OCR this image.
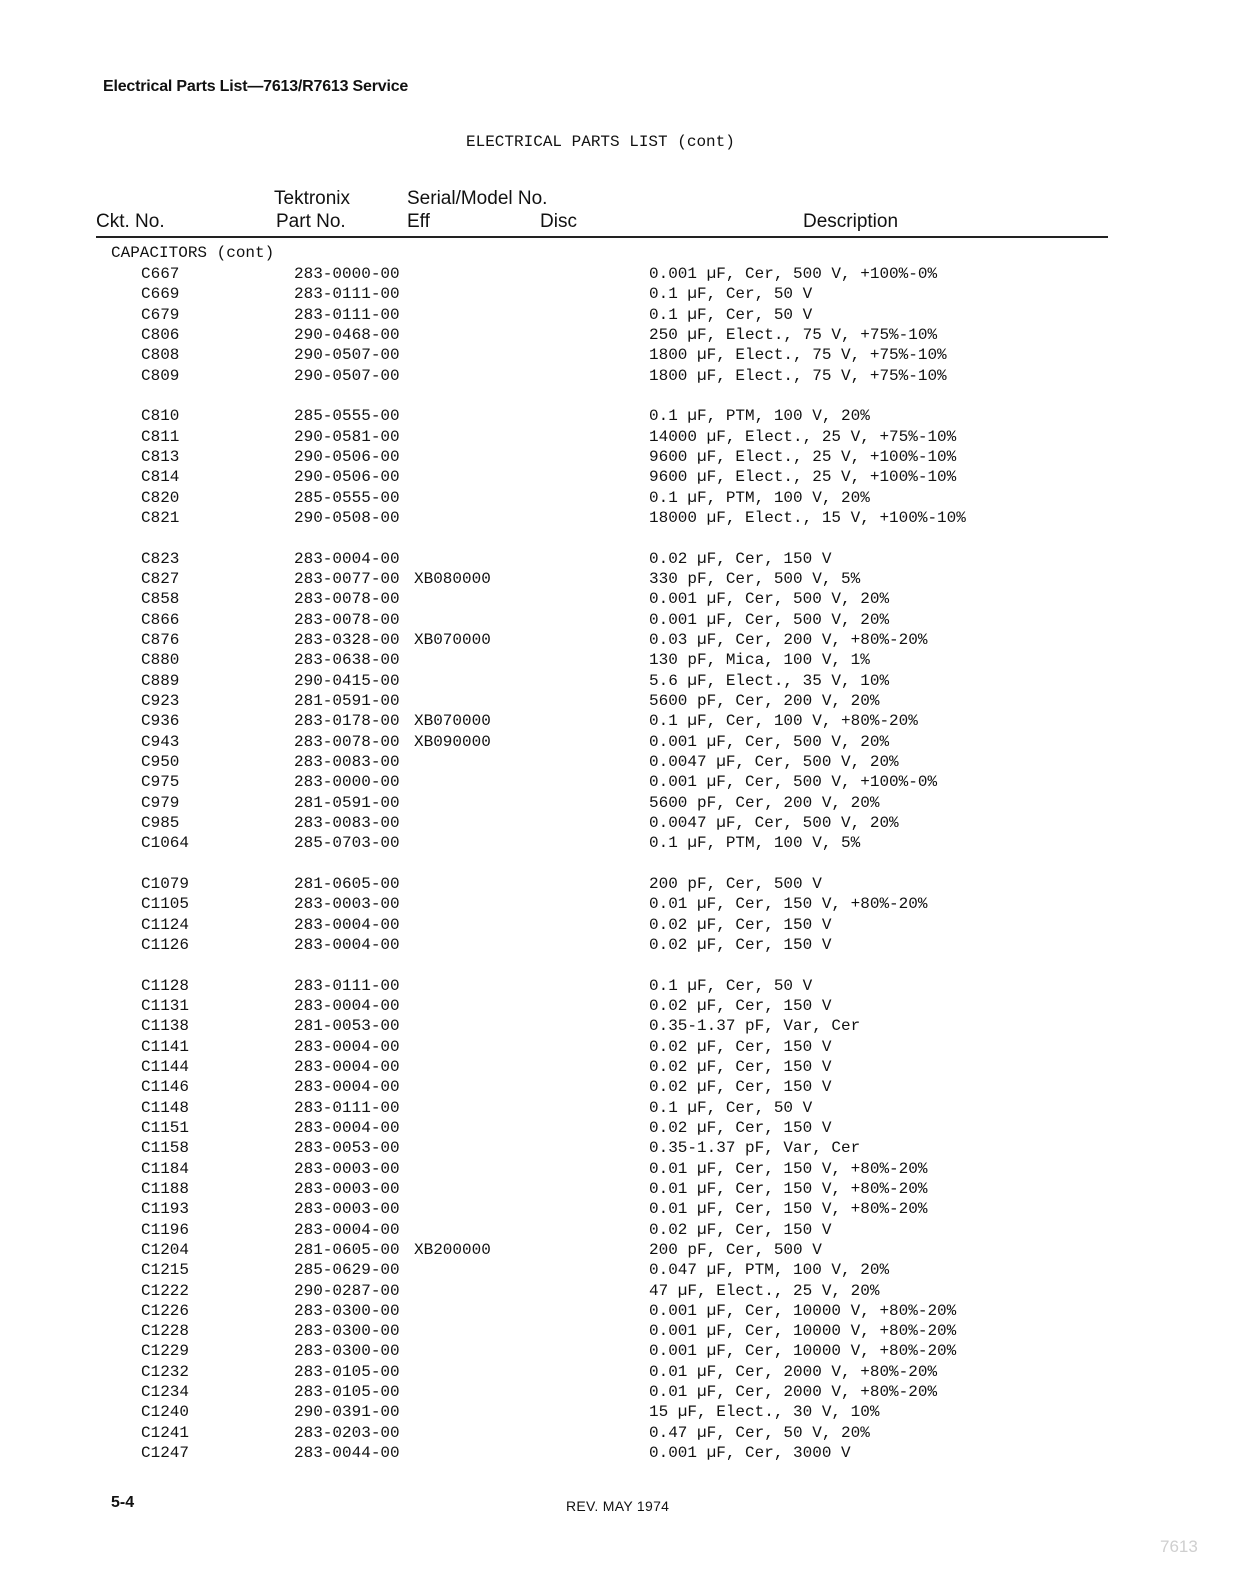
Electrical Parts List—7613/R7613 Service
ELECTRICAL PARTS LIST (cont)
Ckt. No.
Tektronix
Part No.
Serial/Model No.
Eff	Disc	Description
CAPACITORS (cont)
C667	283-0000-00	0.001 µF, Cer, 500 V, +100%-0%
C669	283-0111-00	0.1 µF, Cer, 50 V
C679	283-0111-00	0.1 µF, Cer, 50 V
C806	290-0468-00	250 µF, Elect., 75 V, +75%-10%
C808	290-0507-00	1800 µF, Elect., 75 V, +75%-10%
C809	290-0507-00	1800 µF, Elect., 75 V, +75%-10%
C810	285-0555-00	0.1 µF, PTM, 100 V, 20%
C811	290-0581-00	14000 µF, Elect., 25 V, +75%-10%
C813	290-0506-00	9600 µF, Elect., 25 V, +100%-10%
C814	290-0506-00	9600 µF, Elect., 25 V, +100%-10%
C820	285-0555-00	0.1 µF, PTM, 100 V, 20%
C821	290-0508-00	18000 µF, Elect., 15 V, +100%-10%
C823	283-0004-00	0.02 µF, Cer, 150 V
C827	283-0077-00 XB080000	330 pF, Cer, 500 V, 5%
C858	283-0078-00	0.001 µF, Cer, 500 V, 20%
C866	283-0078-00	0.001 µF, Cer, 500 V, 20%
C876	283-0328-00 XB070000	0.03 µF, Cer, 200 V, +80%-20%
C880	283-0638-00	130 pF, Mica, 100 V, 1%
C889	290-0415-00	5.6 µF, Elect., 35 V, 10%
C923	281-0591-00	5600 pF, Cer, 200 V, 20%
C936	283-0178-00 XB070000	0.1 µF, Cer, 100 V, +80%-20%
C943	283-0078-00 XB090000	0.001 µF, Cer, 500 V, 20%
C950	283-0083-00	0.0047 µF, Cer, 500 V, 20%
C975	283-0000-00	0.001 µF, Cer, 500 V, +100%-0%
C979	281-0591-00	5600 pF, Cer, 200 V, 20%
C985	283-0083-00	0.0047 µF, Cer, 500 V, 20%
C1064	285-0703-00	0.1 µF, PTM, 100 V, 5%
C1079	281-0605-00	200 pF, Cer, 500 V
C1105	283-0003-00	0.01 µF, Cer, 150 V, +80%-20%
C1124	283-0004-00	0.02 µF, Cer, 150 V
C1126	283-0004-00	0.02 µF, Cer, 150 V
C1128	283-0111-00	0.1 µF, Cer, 50 V
C1131	283-0004-00	0.02 µF, Cer, 150 V
C1138	281-0053-00	0.35-1.37 pF, Var, Cer
C1141	283-0004-00	0.02 µF, Cer, 150 V
C1144	283-0004-00	0.02 µF, Cer, 150 V
C1146	283-0004-00	0.02 µF, Cer, 150 V
C1148	283-0111-00	0.1 µF, Cer, 50 V
C1151	283-0004-00	0.02 µF, Cer, 150 V
C1158	283-0053-00	0.35-1.37 pF, Var, Cer
C1184	283-0003-00	0.01 µF, Cer, 150 V, +80%-20%
C1188	283-0003-00	0.01 µF, Cer, 150 V, +80%-20%
C1193	283-0003-00	0.01 µF, Cer, 150 V, +80%-20%
C1196	283-0004-00	0.02 µF, Cer, 150 V
C1204	281-0605-00 XB200000	200 pF, Cer, 500 V
C1215	285-0629-00	0.047 µF, PTM, 100 V, 20%
C1222	290-0287-00	47 µF, Elect., 25 V, 20%
C1226	283-0300-00	0.001 µF, Cer, 10000 V, +80%-20%
C1228	283-0300-00	0.001 µF, Cer, 10000 V, +80%-20%
C1229	283-0300-00	0.001 µF, Cer, 10000 V, +80%-20%
C1232	283-0105-00	0.01 µF, Cer, 2000 V, +80%-20%
C1234	283-0105-00	0.01 µF, Cer, 2000 V, +80%-20%
C1240	290-0391-00	15 µF, Elect., 30 V, 10%
C1241	283-0203-00	0.47 µF, Cer, 50 V, 20%
C1247	283-0044-00	0.001 µF, Cer, 3000 V
5-4	REV. MAY 1974
7613
